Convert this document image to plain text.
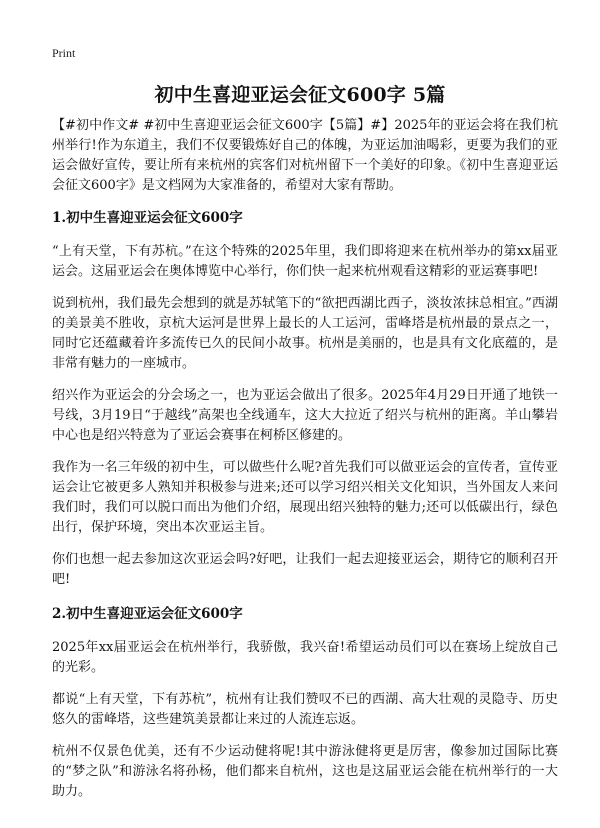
Print
初中生喜迎亚运会征文600字 5篇

【#初中作文# #初中生喜迎亚运会征文600字【5篇】#】2025年的亚运会将在我们杭州举行!作为东道主，我们不仅要锻炼好自己的体魄，为亚运加油喝彩，更要为我们的亚运会做好宣传，要让所有来杭州的宾客们对杭州留下一个美好的印象。《初中生喜迎亚运会征文600字》是文档网为大家准备的，希望对大家有帮助。

1.初中生喜迎亚运会征文600字

“上有天堂，下有苏杭。”在这个特殊的2025年里，我们即将迎来在杭州举办的第xx届亚运会。这届亚运会在奥体博览中心举行，你们快一起来杭州观看这精彩的亚运赛事吧!

说到杭州，我们最先会想到的就是苏轼笔下的“欲把西湖比西子，淡妆浓抹总相宜。”西湖的美景美不胜收，京杭大运河是世界上最长的人工运河，雷峰塔是杭州最的景点之一，同时它还蕴藏着许多流传已久的民间小故事。杭州是美丽的，也是具有文化底蕴的，是非常有魅力的一座城市。

绍兴作为亚运会的分会场之一，也为亚运会做出了很多。2025年4月29日开通了地铁一号线，3月19日“于越线”高架也全线通车，这大大拉近了绍兴与杭州的距离。羊山攀岩中心也是绍兴特意为了亚运会赛事在柯桥区修建的。

我作为一名三年级的初中生，可以做些什么呢?首先我们可以做亚运会的宣传者，宣传亚运会让它被更多人熟知并积极参与进来;还可以学习绍兴相关文化知识，当外国友人来问我们时，我们可以脱口而出为他们介绍，展现出绍兴独特的魅力;还可以低碳出行，绿色出行，保护环境，突出本次亚运主旨。

你们也想一起去参加这次亚运会吗?好吧，让我们一起去迎接亚运会，期待它的顺利召开吧!

2.初中生喜迎亚运会征文600字

2025年xx届亚运会在杭州举行，我骄傲，我兴奋!希望运动员们可以在赛场上绽放自己的光彩。

都说“上有天堂，下有苏杭”，杭州有让我们赞叹不已的西湖、高大壮观的灵隐寺、历史悠久的雷峰塔，这些建筑美景都让来过的人流连忘返。

杭州不仅景色优美，还有不少运动健将呢!其中游泳健将更是厉害，像参加过国际比赛的“梦之队”和游泳名将孙杨，他们都来自杭州，这也是这届亚运会能在杭州举行的一大助力。
